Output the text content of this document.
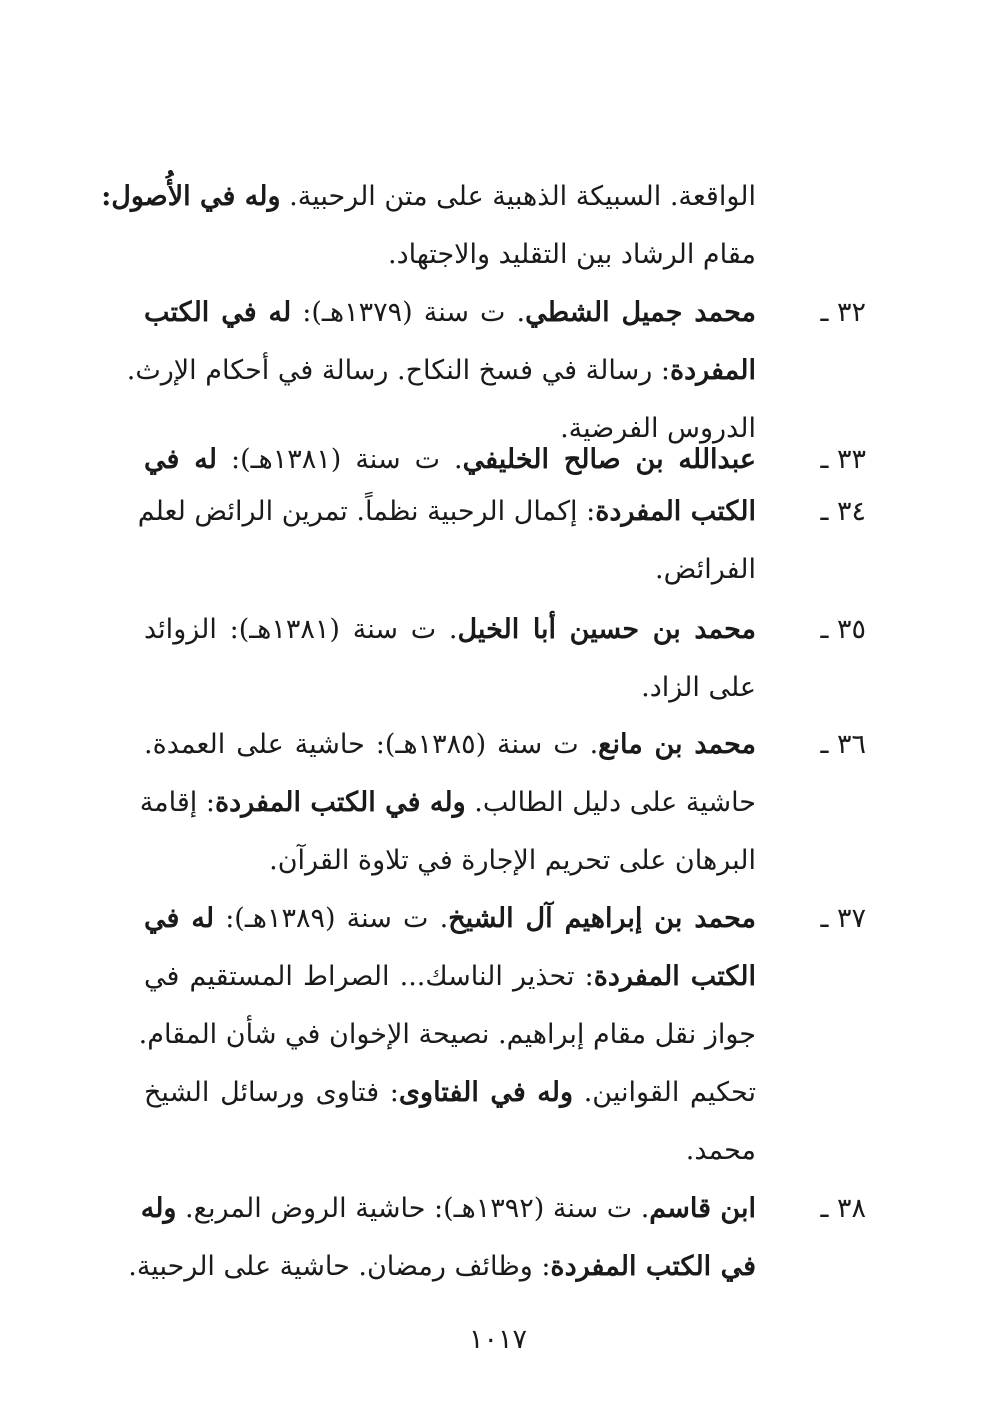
الواقعة. السبيكة الذهبية على متن الرحبية. وله في الأُصول:
مقام الرشاد بين التقليد والاجتهاد.
٣٢ ـ
محمد جميل الشطي. ت سنة (١٣٧٩هـ): له في الكتب
المفردة: رسالة في فسخ النكاح. رسالة في أحكام الإرث.
الدروس الفرضية.
٣٣ ـ
عبدالله بن صالح الخليفي. ت سنة (١٣٨١هـ): له في
٣٤ ـ
الكتب المفردة: إكمال الرحبية نظماً. تمرين الرائض لعلم
الفرائض.
٣٥ ـ
محمد بن حسين أبا الخيل. ت سنة (١٣٨١هـ): الزوائد
على الزاد.
٣٦ ـ
محمد بن مانع. ت سنة (١٣٨٥هـ): حاشية على العمدة.
حاشية على دليل الطالب. وله في الكتب المفردة: إقامة
البرهان على تحريم الإجارة في تلاوة القرآن.
٣٧ ـ
محمد بن إبراهيم آل الشيخ. ت سنة (١٣٨٩هـ): له في
الكتب المفردة: تحذير الناسك... الصراط المستقيم في
جواز نقل مقام إبراهيم. نصيحة الإخوان في شأن المقام.
تحكيم القوانين. وله في الفتاوى: فتاوى ورسائل الشيخ
محمد.
٣٨ ـ
ابن قاسم. ت سنة (١٣٩٢هـ): حاشية الروض المربع. وله
في الكتب المفردة: وظائف رمضان. حاشية على الرحبية.
١٠١٧
